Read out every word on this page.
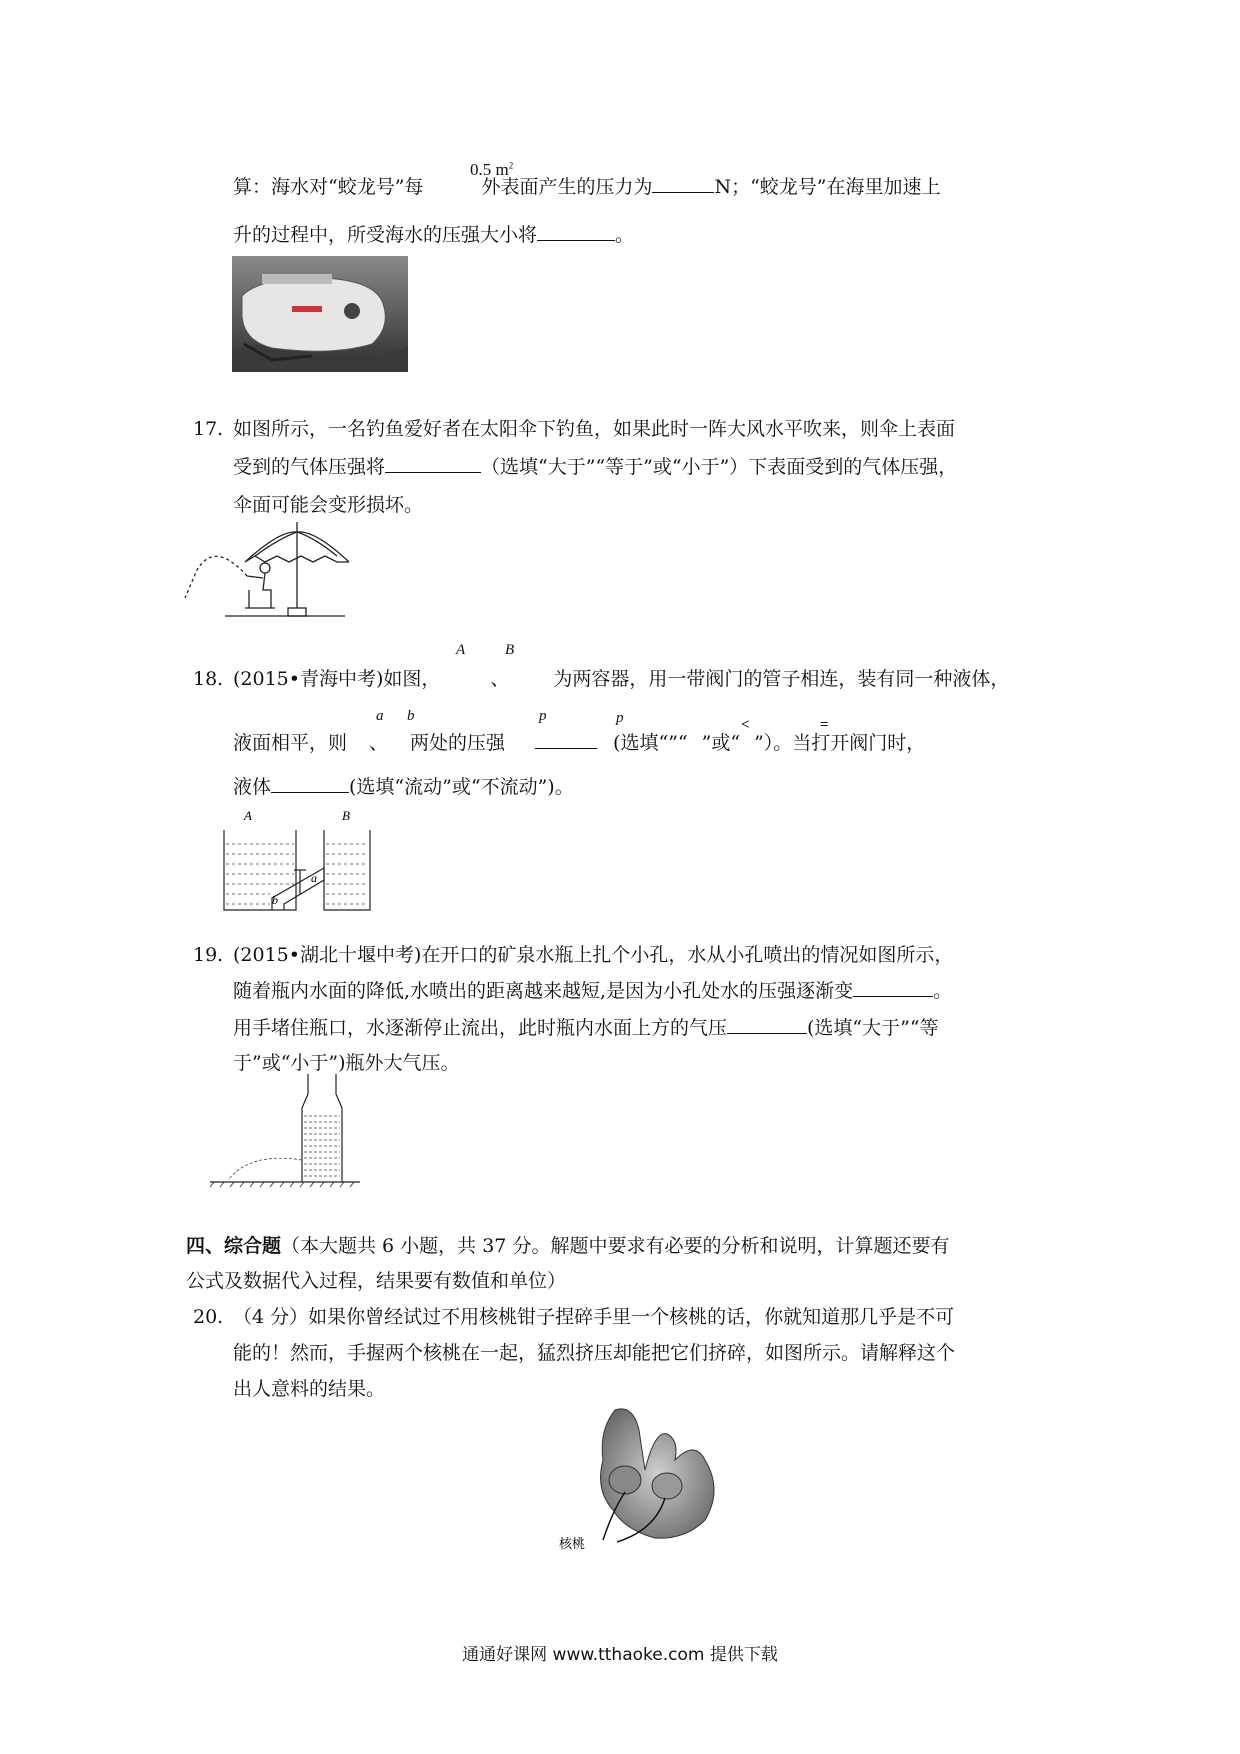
算：海水对“蛟龙号”每	外表面产生的压力为	N；“蛟龙号”在海里加速上
0.5 $m^2$
升的过程中，所受海水的压强大小将	。
17. 如图所示，一名钓鱼爱好者在太阳伞下钓鱼，如果此时一阵大风水平吹来，则伞上表面
受到的气体压强将	（选填“大于”“等于”或“小于”）下表面受到的气体压强，
伞面可能会变形损坏。
18. (2015•青海中考)如图，	、 为两容器，用一带阀门的管子相连，装有同一种液体，
A	B
液面相平，则 、 两处的压强	(选填“”“ ”或“ ”）。当打开阀门时，
a b	p	p	<	=
液体	(选填“流动”或“不流动”)。
A	B
a
b
19. (2015•湖北十堰中考)在开口的矿泉水瓶上扎个小孔，水从小孔喷出的情况如图所示，
随着瓶内水面的降低,水喷出的距离越来越短,是因为小孔处水的压强逐渐变	。
用手堵住瓶口，水逐渐停止流出，此时瓶内水面上方的气压	(选填“大于”“等
于”或“小于”)瓶外大气压。
四、综合题（本大题共 6 小题，共 37 分。解题中要求有必要的分析和说明，计算题还要有
公式及数据代入过程，结果要有数值和单位）
20. （4 分）如果你曾经试过不用核桃钳子捏碎手里一个核桃的话，你就知道那几乎是不可
能的！然而，手握两个核桃在一起，猛烈挤压却能把它们挤碎，如图所示。请解释这个
出人意料的结果。
核桃
通通好课网 www.tthaoke.com 提供下载
